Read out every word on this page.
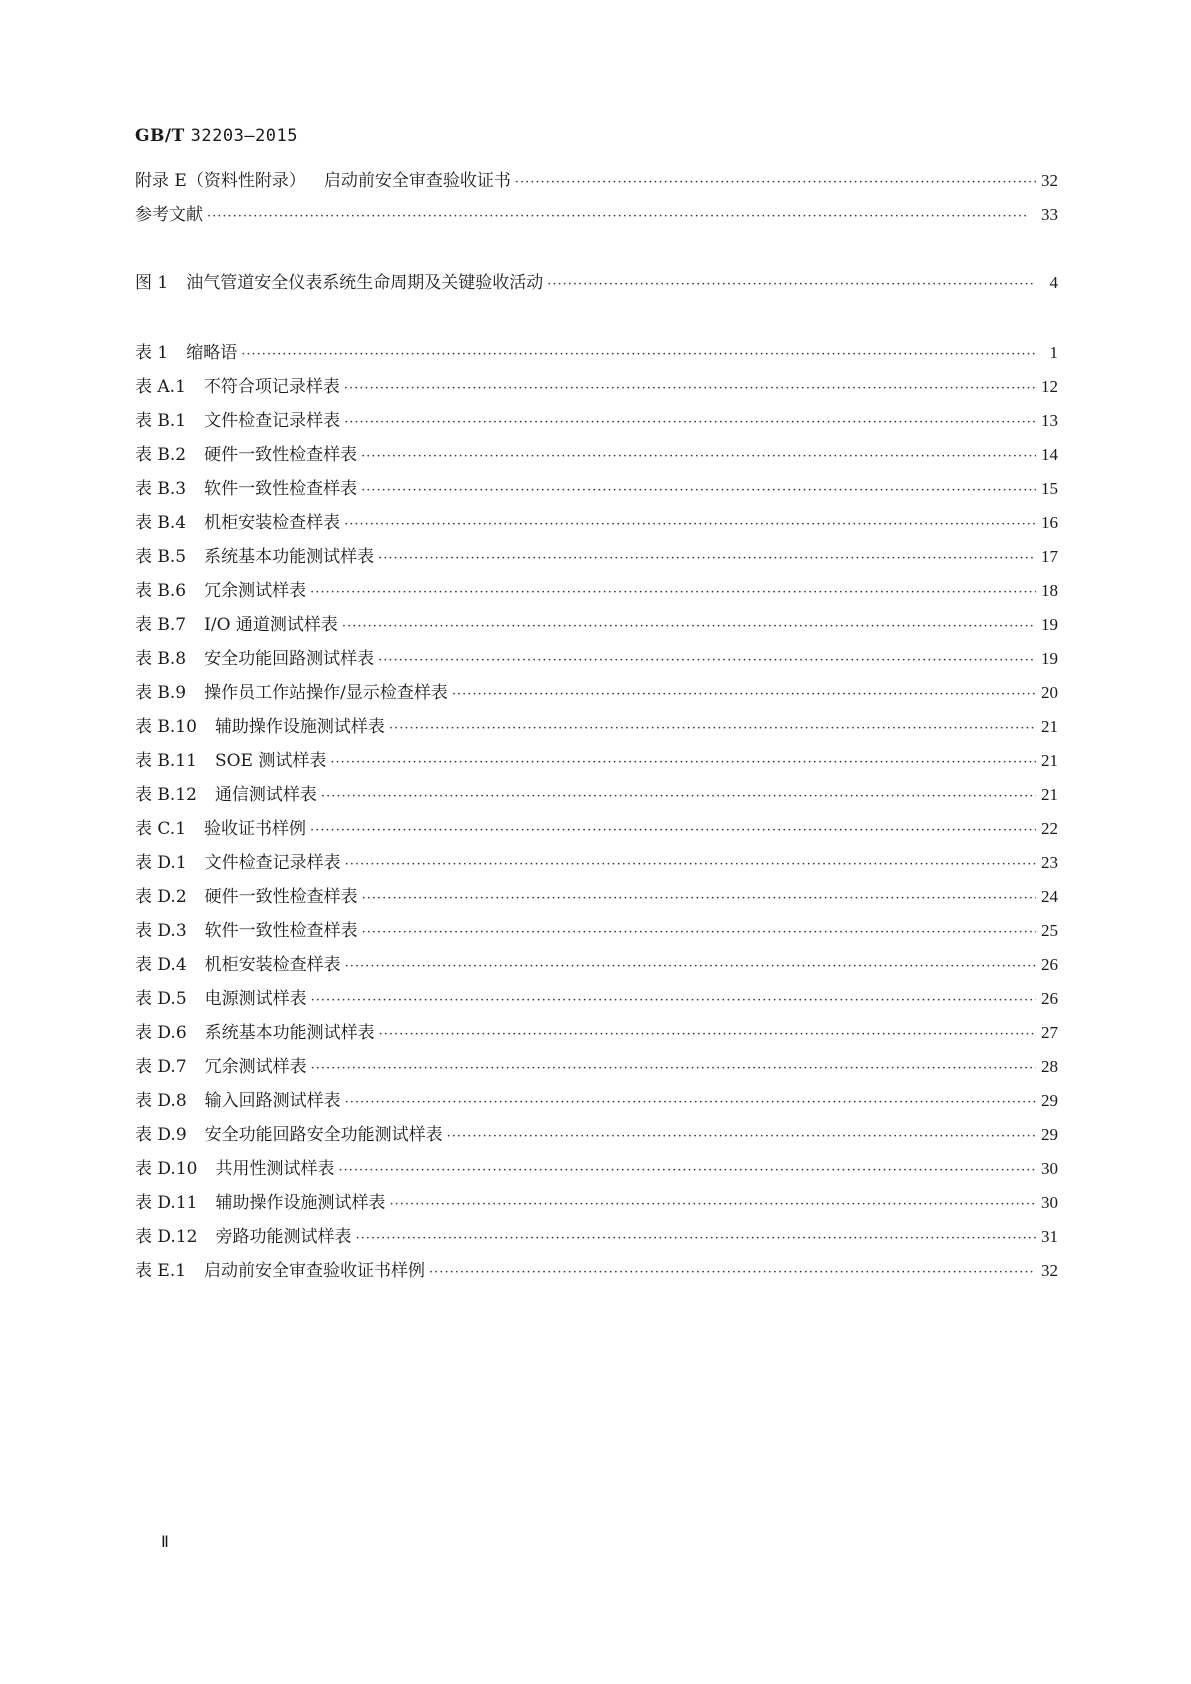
GB/T 32203—2015
附录 E（资料性附录） 启动前安全审查验收证书 ·····	32
参考文献 ·····	33
图 1 油气管道安全仪表系统生命周期及关键验收活动 ·····	4
表 1 缩略语 ·····	1
表 A.1 不符合项记录样表 ·····	12
表 B.1 文件检查记录样表 ·····	13
表 B.2 硬件一致性检查样表 ·····	14
表 B.3 软件一致性检查样表 ·····	15
表 B.4 机柜安装检查样表 ·····	16
表 B.5 系统基本功能测试样表 ·····	17
表 B.6 冗余测试样表 ·····	18
表 B.7 I/O 通道测试样表 ·····	19
表 B.8 安全功能回路测试样表 ·····	19
表 B.9 操作员工作站操作/显示检查样表 ·····	20
表 B.10 辅助操作设施测试样表 ·····	21
表 B.11 SOE 测试样表 ·····	21
表 B.12 通信测试样表 ·····	21
表 C.1 验收证书样例 ·····	22
表 D.1 文件检查记录样表 ·····	23
表 D.2 硬件一致性检查样表 ·····	24
表 D.3 软件一致性检查样表 ·····	25
表 D.4 机柜安装检查样表 ·····	26
表 D.5 电源测试样表 ·····	26
表 D.6 系统基本功能测试样表 ·····	27
表 D.7 冗余测试样表 ·····	28
表 D.8 输入回路测试样表 ·····	29
表 D.9 安全功能回路安全功能测试样表 ·····	29
表 D.10 共用性测试样表 ·····	30
表 D.11 辅助操作设施测试样表 ·····	30
表 D.12 旁路功能测试样表 ·····	31
表 E.1 启动前安全审查验收证书样例 ·····	32
Ⅱ
